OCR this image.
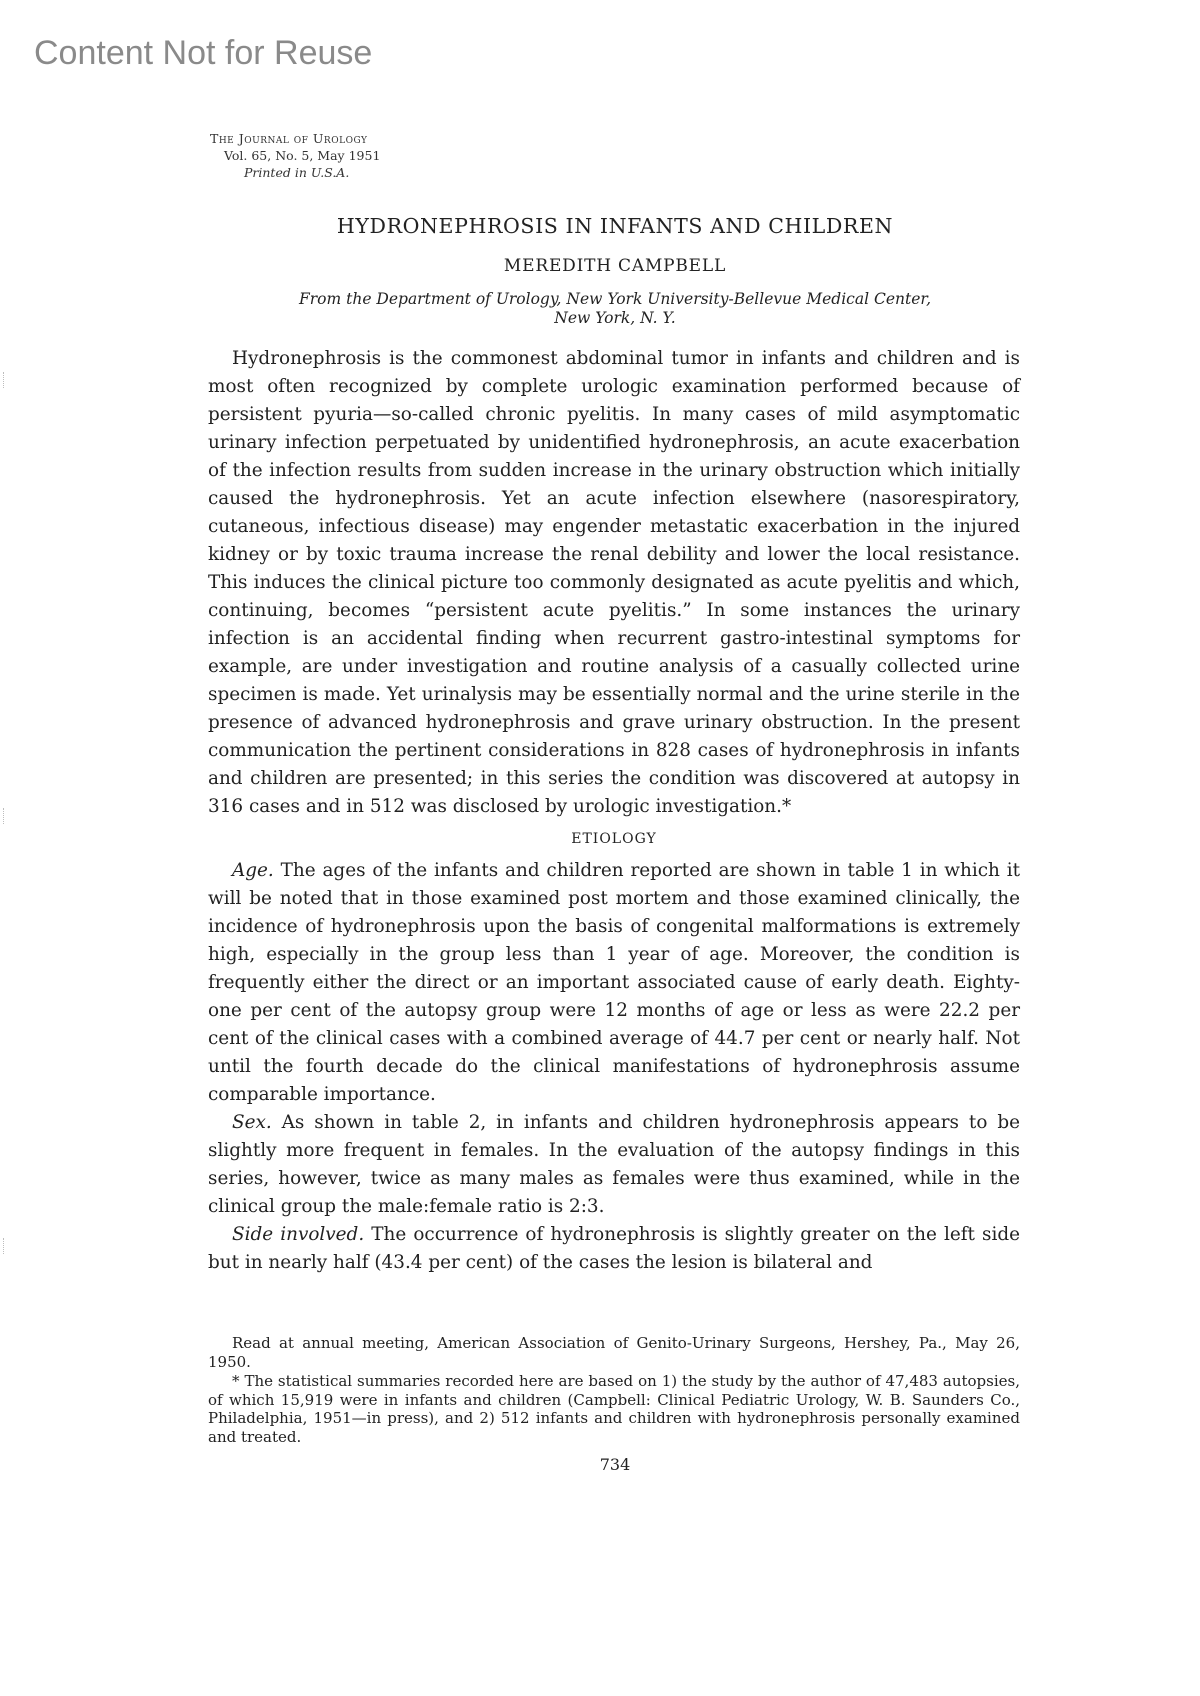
Content Not for Reuse
The Journal of Urology
Vol. 65, No. 5, May 1951
Printed in U.S.A.
HYDRONEPHROSIS IN INFANTS AND CHILDREN
MEREDITH CAMPBELL
From the Department of Urology, New York University-Bellevue Medical Center,
New York, N. Y.

Hydronephrosis is the commonest abdominal tumor in infants and children and is most often recognized by complete urologic examination performed because of persistent pyuria—so-called chronic pyelitis. In many cases of mild asymptomatic urinary infection perpetuated by unidentified hydronephrosis, an acute exacerbation of the infection results from sudden increase in the urinary obstruction which initially caused the hydronephrosis. Yet an acute infection elsewhere (nasorespiratory, cutaneous, infectious disease) may engender metastatic exacerbation in the injured kidney or by toxic trauma increase the renal debility and lower the local resistance. This induces the clinical picture too commonly designated as acute pyelitis and which, continuing, becomes “persistent acute pyelitis.” In some instances the urinary infection is an accidental finding when recurrent gastro-intestinal symptoms for example, are under investigation and routine analysis of a casually collected urine specimen is made. Yet urinalysis may be essentially normal and the urine sterile in the presence of advanced hydronephrosis and grave urinary obstruction. In the present communication the pertinent considerations in 828 cases of hydronephrosis in infants and children are presented; in this series the condition was discovered at autopsy in 316 cases and in 512 was disclosed by urologic investigation.*

ETIOLOGY

Age. The ages of the infants and children reported are shown in table 1 in which it will be noted that in those examined post mortem and those examined clinically, the incidence of hydronephrosis upon the basis of congenital malformations is extremely high, especially in the group less than 1 year of age. Moreover, the condition is frequently either the direct or an important associated cause of early death. Eighty-one per cent of the autopsy group were 12 months of age or less as were 22.2 per cent of the clinical cases with a combined average of 44.7 per cent or nearly half. Not until the fourth decade do the clinical manifestations of hydronephrosis assume comparable importance.

Sex. As shown in table 2, in infants and children hydronephrosis appears to be slightly more frequent in females. In the evaluation of the autopsy findings in this series, however, twice as many males as females were thus examined, while in the clinical group the male:female ratio is 2:3.

Side involved. The occurrence of hydronephrosis is slightly greater on the left side but in nearly half (43.4 per cent) of the cases the lesion is bilateral and

Read at annual meeting, American Association of Genito-Urinary Surgeons, Hershey, Pa., May 26, 1950.

* The statistical summaries recorded here are based on 1) the study by the author of 47,483 autopsies, of which 15,919 were in infants and children (Campbell: Clinical Pediatric Urology, W. B. Saunders Co., Philadelphia, 1951—in press), and 2) 512 infants and children with hydronephrosis personally examined and treated.

734
